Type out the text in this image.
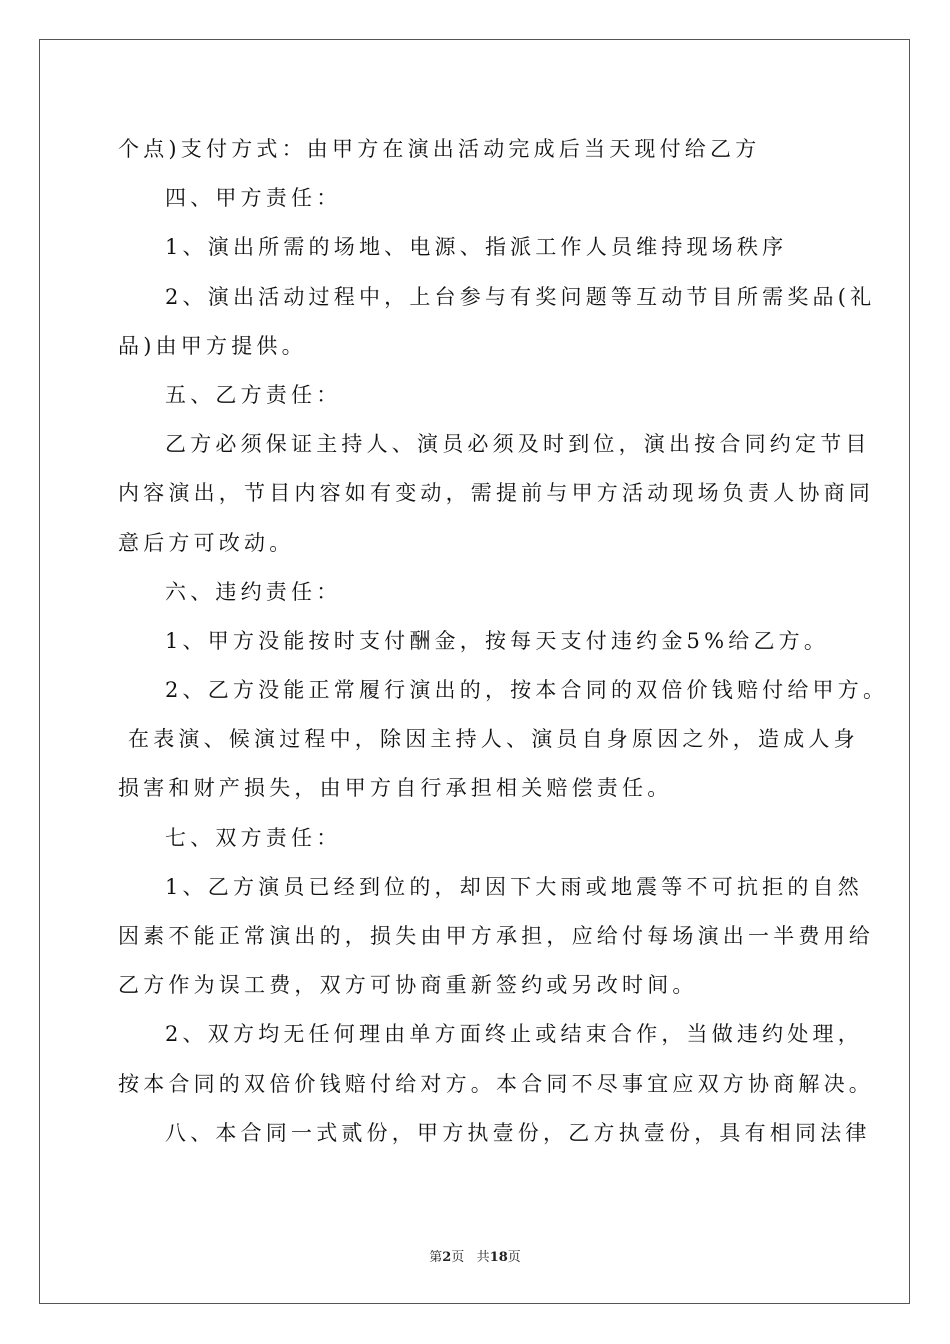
个点)支付方式：由甲方在演出活动完成后当天现付给乙方
四、甲方责任：
1、演出所需的场地、电源、指派工作人员维持现场秩序
2、演出活动过程中，上台参与有奖问题等互动节目所需奖品(礼
品)由甲方提供。
五、乙方责任：
乙方必须保证主持人、演员必须及时到位，演出按合同约定节目
内容演出，节目内容如有变动，需提前与甲方活动现场负责人协商同
意后方可改动。
六、违约责任：
1、甲方没能按时支付酬金，按每天支付违约金5%给乙方。
2、乙方没能正常履行演出的，按本合同的双倍价钱赔付给甲方。
在表演、候演过程中，除因主持人、演员自身原因之外，造成人身
损害和财产损失，由甲方自行承担相关赔偿责任。
七、双方责任：
1、乙方演员已经到位的，却因下大雨或地震等不可抗拒的自然
因素不能正常演出的，损失由甲方承担，应给付每场演出一半费用给
乙方作为误工费，双方可协商重新签约或另改时间。
2、双方均无任何理由单方面终止或结束合作，当做违约处理，
按本合同的双倍价钱赔付给对方。本合同不尽事宜应双方协商解决。
八、本合同一式贰份，甲方执壹份，乙方执壹份，具有相同法律
第2页 共18页
